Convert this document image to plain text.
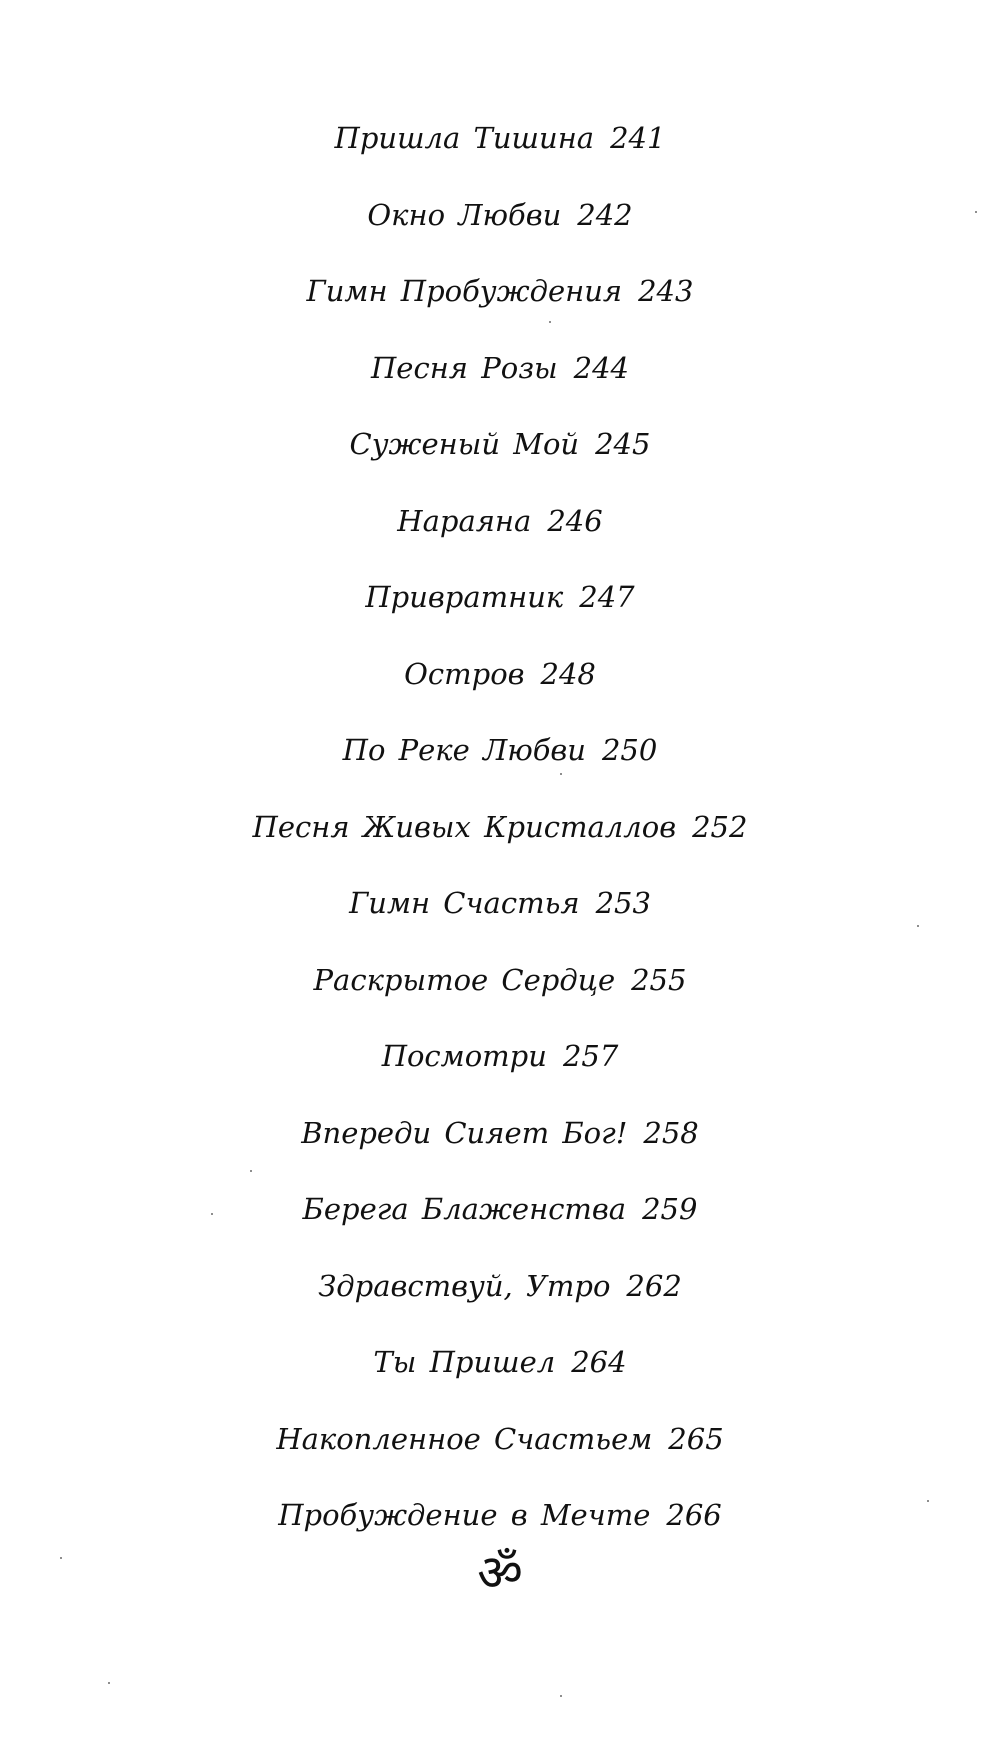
Пришла Тишина 241
Окно Любви 242
Гимн Пробуждения 243
Песня Розы 244
Суженый Мой 245
Нараяна 246
Привратник 247
Остров 248
По Реке Любви 250
Песня Живых Кристаллов 252
Гимн Счастья 253
Раскрытое Сердце 255
Посмотри 257
Впереди Сияет Бог! 258
Берега Блаженства 259
Здравствуй, Утро 262
Ты Пришел 264
Накопленное Счастьем 265
Пробуждение в Мечте 266
ॐ
